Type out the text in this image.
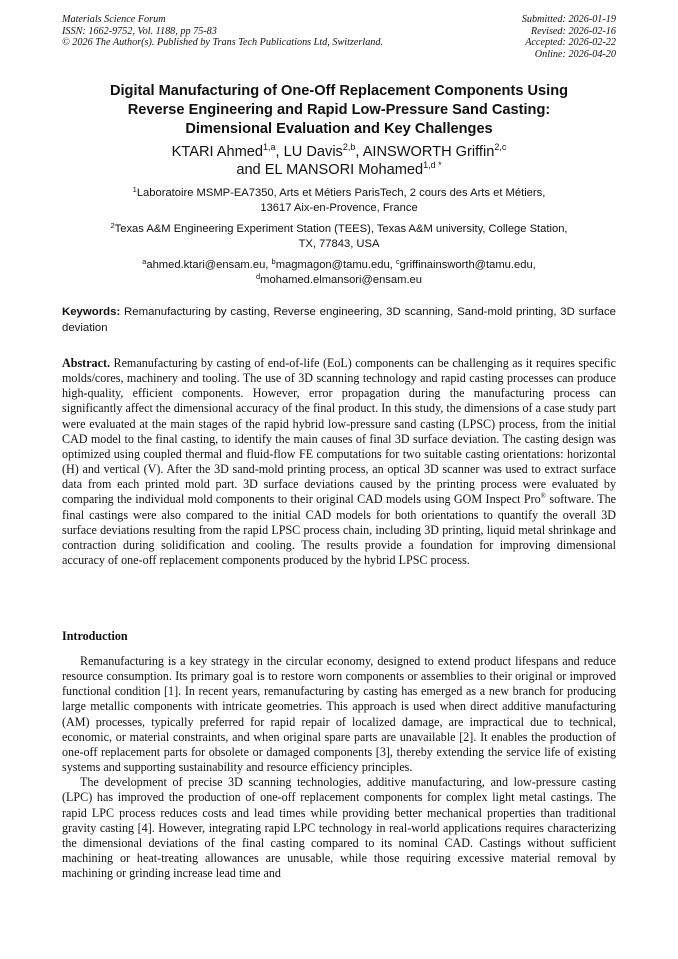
Materials Science Forum
ISSN: 1662-9752, Vol. 1188, pp 75-83
© 2026 The Author(s). Published by Trans Tech Publications Ltd, Switzerland.
Submitted: 2026-01-19
Revised: 2026-02-16
Accepted: 2026-02-22
Online: 2026-04-20
Digital Manufacturing of One-Off Replacement Components Using
Reverse Engineering and Rapid Low-Pressure Sand Casting:
Dimensional Evaluation and Key Challenges
KTARI Ahmed$^{1,a}$, LU Davis$^{2,b}$, AINSWORTH Griffin$^{2,c}$
and EL MANSORI Mohamed$^{1,d *}$
$^1$Laboratoire MSMP-EA7350, Arts et Métiers ParisTech, 2 cours des Arts et Métiers,
13617 Aix-en-Provence, France
$^2$Texas A&M Engineering Experiment Station (TEES), Texas A&M university, College Station,
TX, 77843, USA
$^a$ahmed.ktari@ensam.eu, $^b$magmagon@tamu.edu, $^c$griffinainsworth@tamu.edu,
$^d$mohamed.elmansori@ensam.eu
Keywords: Remanufacturing by casting, Reverse engineering, 3D scanning, Sand-mold printing, 3D surface deviation
Abstract. Remanufacturing by casting of end-of-life (EoL) components can be challenging as it requires specific molds/cores, machinery and tooling. The use of 3D scanning technology and rapid casting processes can produce high-quality, efficient components. However, error propagation during the manufacturing process can significantly affect the dimensional accuracy of the final product. In this study, the dimensions of a case study part were evaluated at the main stages of the rapid hybrid low-pressure sand casting (LPSC) process, from the initial CAD model to the final casting, to identify the main causes of final 3D surface deviation. The casting design was optimized using coupled thermal and fluid-flow FE computations for two suitable casting orientations: horizontal (H) and vertical (V). After the 3D sand-mold printing process, an optical 3D scanner was used to extract surface data from each printed mold part. 3D surface deviations caused by the printing process were evaluated by comparing the individual mold components to their original CAD models using GOM Inspect Pro® software. The final castings were also compared to the initial CAD models for both orientations to quantify the overall 3D surface deviations resulting from the rapid LPSC process chain, including 3D printing, liquid metal shrinkage and contraction during solidification and cooling. The results provide a foundation for improving dimensional accuracy of one-off replacement components produced by the hybrid LPSC process.
Introduction

Remanufacturing is a key strategy in the circular economy, designed to extend product lifespans and reduce resource consumption. Its primary goal is to restore worn components or assemblies to their original or improved functional condition [1]. In recent years, remanufacturing by casting has emerged as a new branch for producing large metallic components with intricate geometries. This approach is used when direct additive manufacturing (AM) processes, typically preferred for rapid repair of localized damage, are impractical due to technical, economic, or material constraints, and when original spare parts are unavailable [2]. It enables the production of one-off replacement parts for obsolete or damaged components [3], thereby extending the service life of existing systems and supporting sustainability and resource efficiency principles.

The development of precise 3D scanning technologies, additive manufacturing, and low-pressure casting (LPC) has improved the production of one-off replacement components for complex light metal castings. The rapid LPC process reduces costs and lead times while providing better mechanical properties than traditional gravity casting [4]. However, integrating rapid LPC technology in real-world applications requires characterizing the dimensional deviations of the final casting compared to its nominal CAD. Castings without sufficient machining or heat-treating allowances are unusable, while those requiring excessive material removal by machining or grinding increase lead time and
